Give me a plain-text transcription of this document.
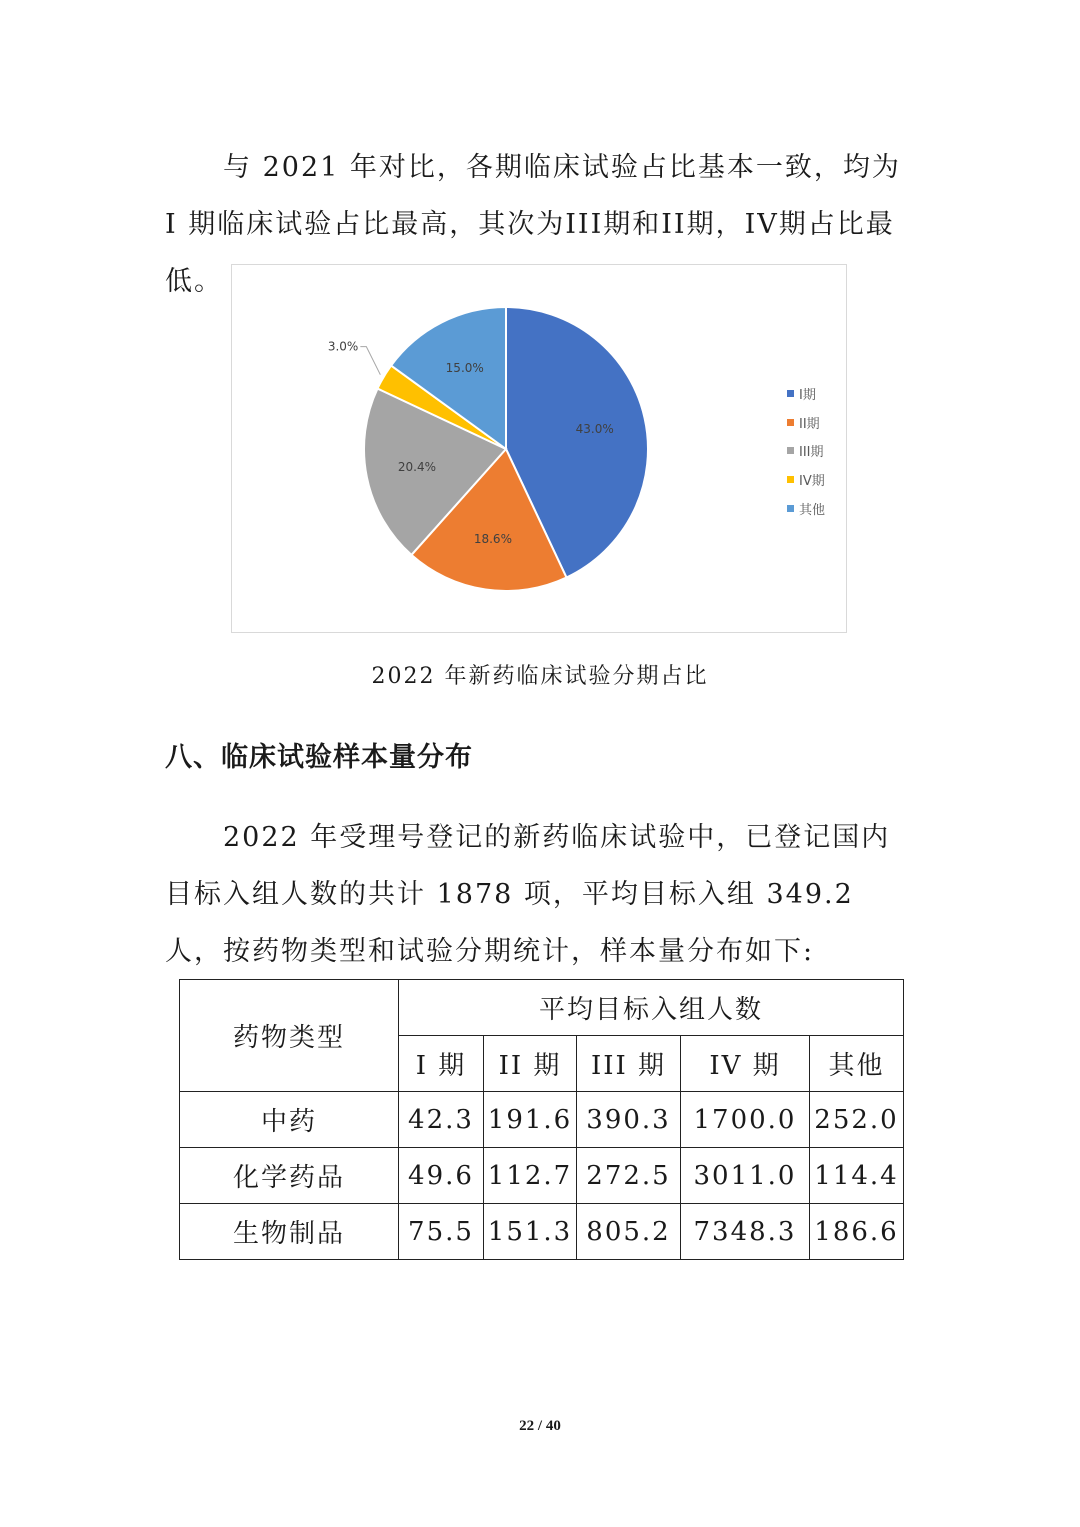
与 2021 年对比，各期临床试验占比基本一致，均为 I 期临床试验占比最高，其次为III期和II期，IV期占比最低。

43.0%
18.6%
20.4%
3.0%
15.0%
I期
II期
III期
IV期
其他
2022 年新药临床试验分期占比
八、临床试验样本量分布

2022 年受理号登记的新药临床试验中，已登记国内目标入组人数的共计 1878 项，平均目标入组 349.2 人，按药物类型和试验分期统计，样本量分布如下:

药物类型	平均目标入组人数				
	I 期	II 期	III 期	IV 期	其他
中药	42.3	191.6	390.3	1700.0	252.0
化学药品	49.6	112.7	272.5	3011.0	114.4
生物制品	75.5	151.3	805.2	7348.3	186.6
22 / 40
